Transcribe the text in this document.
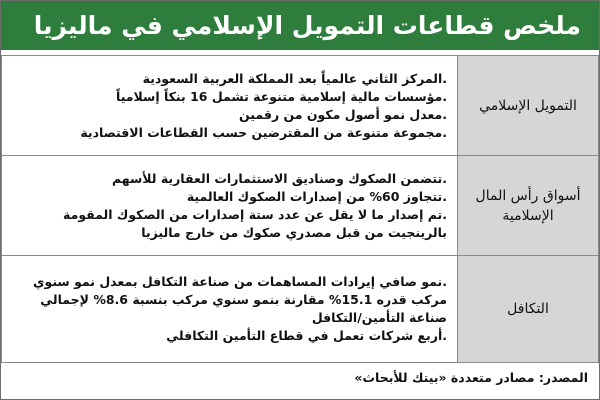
ملخص قطاعات التمويل الإسلامي في ماليزيا
التمويل الإسلامي	.المركز الثاني عالمياً بعد المملكة العربية السعودية
.مؤسسات مالية إسلامية متنوعة تشمل 16 بنكاً إسلامياً
.معدل نمو أصول مكون من رقمين
.مجموعة متنوعة من المقترضين حسب القطاعات الاقتصادية

أسواق رأس المال الإسلامية	.تتضمن الصكوك وصناديق الاستثمارات العقارية للأسهم
.تتجاوز 60% من إصدارات الصكوك العالمية
.تم إصدار ما لا يقل عن عدد ستة إصدارات من الصكوك المقومة بالرينجيت من قبل مصدري صكوك من خارج ماليزيا

التكافل	.نمو صافي إيرادات المساهمات من صناعة التكافل بمعدل نمو سنوي مركب قدره 15.1% مقارنة بنمو سنوي مركب بنسبة 8.6% لإجمالي صناعة التأمين/التكافل
.أربع شركات تعمل في قطاع التأمين التكافلي
المصدر: مصادر متعددة «بيتك للأبحاث»
